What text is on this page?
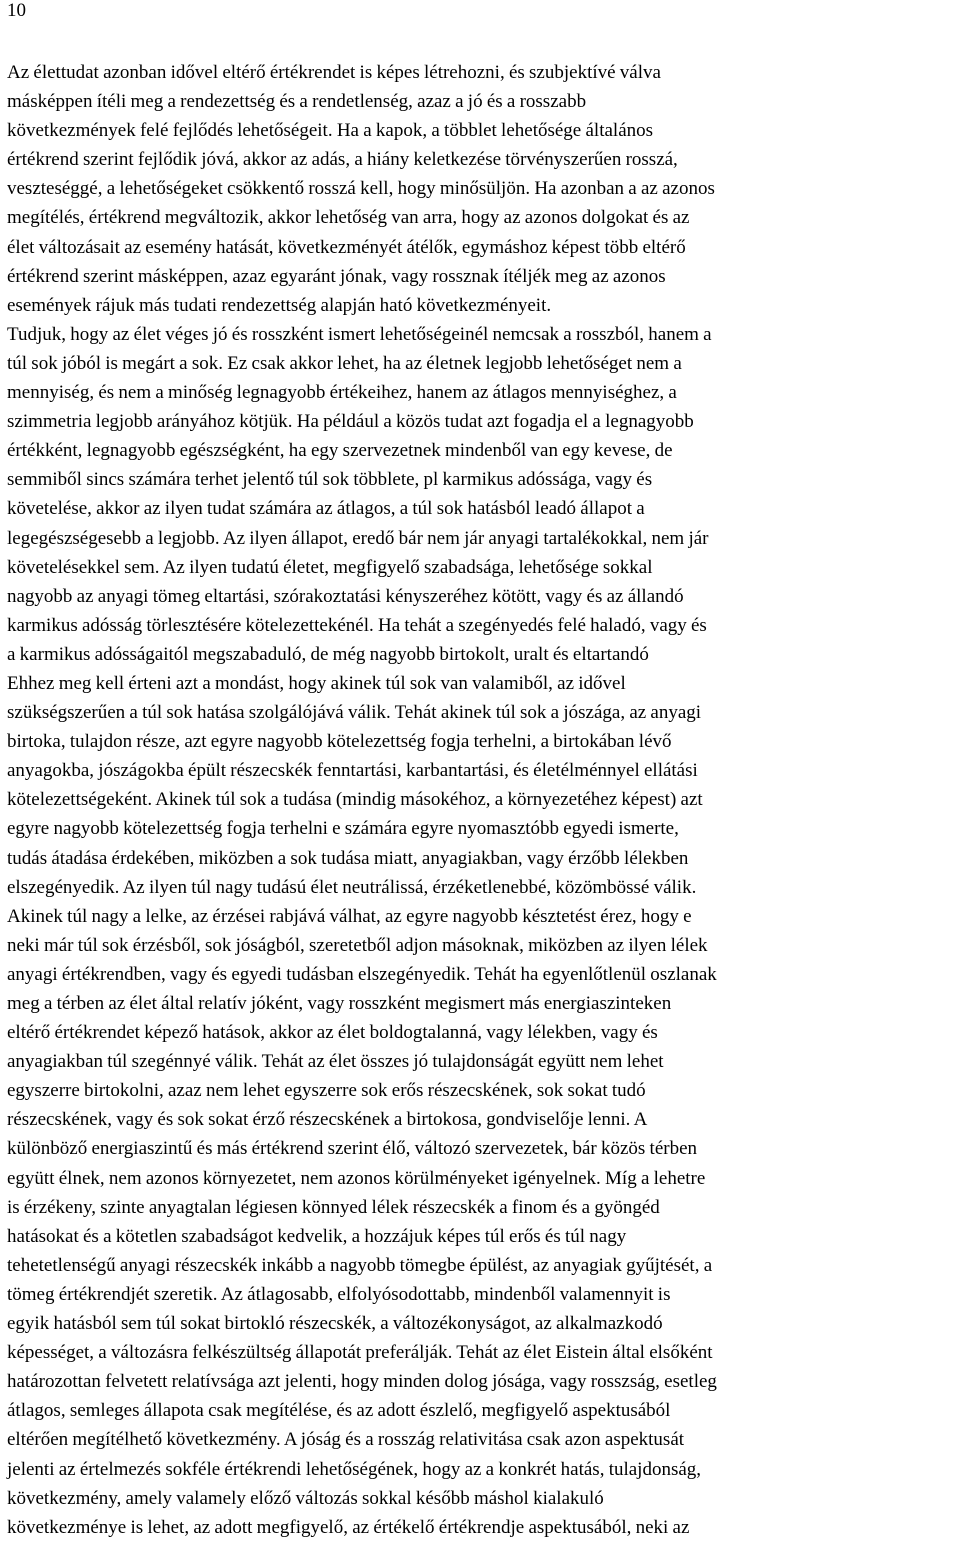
10

Az élettudat azonban idővel eltérő értékrendet is képes létrehozni, és szubjektívé válva
másképpen ítéli meg a rendezettség és a rendetlenség, azaz a jó és a rosszabb
következmények felé fejlődés lehetőségeit. Ha a kapok, a többlet lehetősége általános
értékrend szerint fejlődik jóvá, akkor az adás, a hiány keletkezése törvényszerűen rosszá,
veszteséggé, a lehetőségeket csökkentő rosszá kell, hogy minősüljön. Ha azonban a az azonos
megítélés, értékrend megváltozik, akkor lehetőség van arra, hogy az azonos dolgokat és az
élet változásait az esemény hatását, következményét átélők, egymáshoz képest több eltérő
értékrend szerint másképpen, azaz egyaránt jónak, vagy rossznak ítéljék meg az azonos
események rájuk más tudati rendezettség alapján ható következményeit.

Tudjuk, hogy az élet véges jó és rosszként ismert lehetőségeinél nemcsak a rosszból, hanem a
túl sok jóból is megárt a sok. Ez csak akkor lehet, ha az életnek legjobb lehetőséget nem a
mennyiség, és nem a minőség legnagyobb értékeihez, hanem az átlagos mennyiséghez, a
szimmetria legjobb arányához kötjük. Ha például a közös tudat azt fogadja el a legnagyobb
értékként, legnagyobb egészségként, ha egy szervezetnek mindenből van egy kevese, de
semmiből sincs számára terhet jelentő túl sok többlete, pl karmikus adóssága, vagy és
követelése, akkor az ilyen tudat számára az átlagos, a túl sok hatásból leadó állapot a
legegészségesebb a legjobb. Az ilyen állapot, eredő bár nem jár anyagi tartalékokkal, nem jár
követelésekkel sem. Az ilyen tudatú életet, megfigyelő szabadsága, lehetősége sokkal
nagyobb az anyagi tömeg eltartási, szórakoztatási kényszeréhez kötött, vagy és az állandó
karmikus adósság törlesztésére kötelezettekénél. Ha tehát a szegényedés felé haladó, vagy és
a karmikus adósságaitól megszabaduló, de még nagyobb birtokolt, uralt és eltartandó
Ehhez meg kell érteni azt a mondást, hogy akinek túl sok van valamiből, az idővel
szükségszerűen a túl sok hatása szolgálójává válik. Tehát akinek túl sok a jószága, az anyagi
birtoka, tulajdon része, azt egyre nagyobb kötelezettség fogja terhelni, a birtokában lévő
anyagokba, jószágokba épült részecskék fenntartási, karbantartási, és életélménnyel ellátási
kötelezettségeként. Akinek túl sok a tudása (mindig másokéhoz, a környezetéhez képest) azt
egyre nagyobb kötelezettség fogja terhelni e számára egyre nyomasztóbb egyedi ismerte,
tudás átadása érdekében, miközben a sok tudása miatt, anyagiakban, vagy érzőbb lélekben
elszegényedik. Az ilyen túl nagy tudású élet neutrálissá, érzéketlenebbé, közömbössé válik.
Akinek túl nagy a lelke, az érzései rabjává válhat, az egyre nagyobb késztetést érez, hogy e
neki már túl sok érzésből, sok jóságból, szeretetből adjon másoknak, miközben az ilyen lélek
anyagi értékrendben, vagy és egyedi tudásban elszegényedik. Tehát ha egyenlőtlenül oszlanak
meg a térben az élet által relatív jóként, vagy rosszként megismert más energiaszinteken
eltérő értékrendet képező hatások, akkor az élet boldogtalanná, vagy lélekben, vagy és
anyagiakban túl szegénnyé válik. Tehát az élet összes jó tulajdonságát együtt nem lehet
egyszerre birtokolni, azaz nem lehet egyszerre sok erős részecskének, sok sokat tudó
részecskének, vagy és sok sokat érző részecskének a birtokosa, gondviselője lenni. A
különböző energiaszintű és más értékrend szerint élő, változó szervezetek, bár közös térben
együtt élnek, nem azonos környezetet, nem azonos körülményeket igényelnek. Míg a lehetre
is érzékeny, szinte anyagtalan légiesen könnyed lélek részecskék a finom és a gyöngéd
hatásokat és a kötetlen szabadságot kedvelik, a hozzájuk képes túl erős és túl nagy
tehetetlenségű anyagi részecskék inkább a nagyobb tömegbe épülést, az anyagiak gyűjtését, a
tömeg értékrendjét szeretik. Az átlagosabb, elfolyósodottabb, mindenből valamennyit is
egyik hatásból sem túl sokat birtokló részecskék, a változékonyságot, az alkalmazkodó
képességet, a változásra felkészültség állapotát preferálják. Tehát az élet Eistein által elsőként
határozottan felvetett relatívsága azt jelenti, hogy minden dolog jósága, vagy rosszság, esetleg
átlagos, semleges állapota csak megítélése, és az adott észlelő, megfigyelő aspektusából
eltérően megítélhető következmény. A jóság és a rosszág relativitása csak azon aspektusát
jelenti az értelmezés sokféle értékrendi lehetőségének, hogy az a konkrét hatás, tulajdonság,
következmény, amely valamely előző változás sokkal később máshol kialakuló
következménye is lehet, az adott megfigyelő, az értékelő értékrendje aspektusából, neki az
